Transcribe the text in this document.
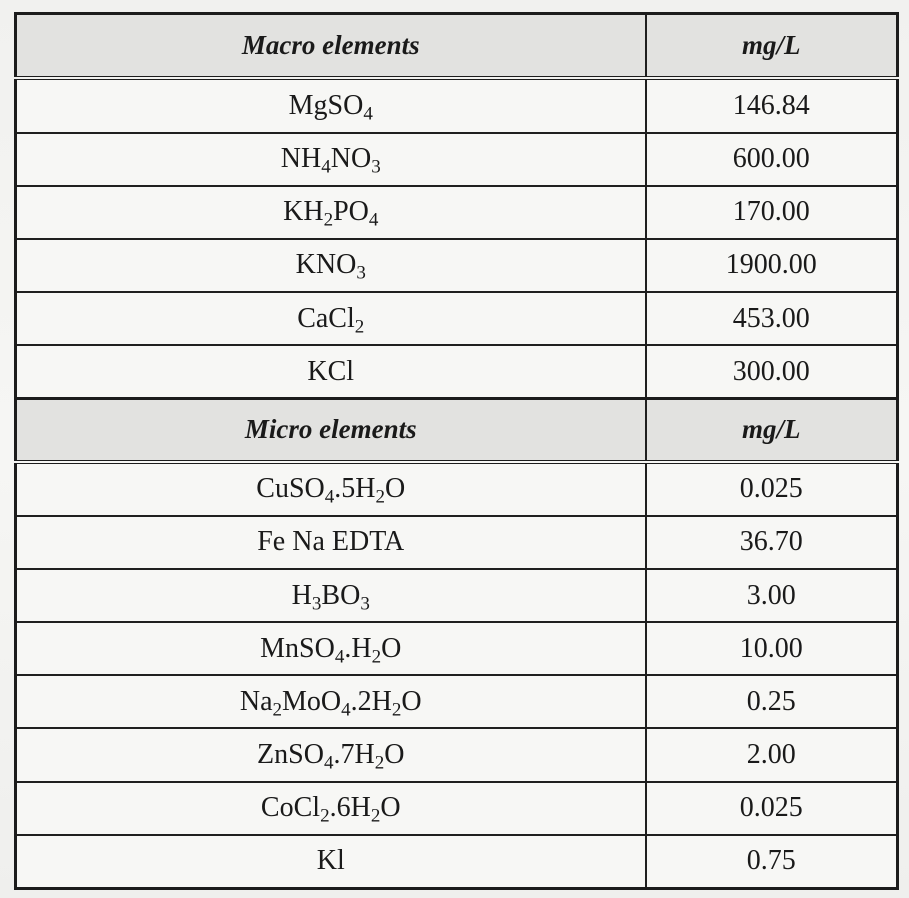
Macro elements	mg/L
MgSO$_4$	146.84
$NH_4NO_3$	600.00
$KH_2PO_4$	170.00
$KNO_3$	1900.00
CaCl$_2$	453.00
KCl	300.00
Micro elements	mg/L
$CuSO_4.5H_2O$	0.025
Fe Na EDTA	36.70
$H_3BO_3$	3.00
$MnSO_4.H_2O$	10.00
$Na_2MoO_4.2H_2O$	0.25
$ZnSO_4.7H_2O$	2.00
$CoCl_2.6H_2O$	0.025
Kl	0.75
